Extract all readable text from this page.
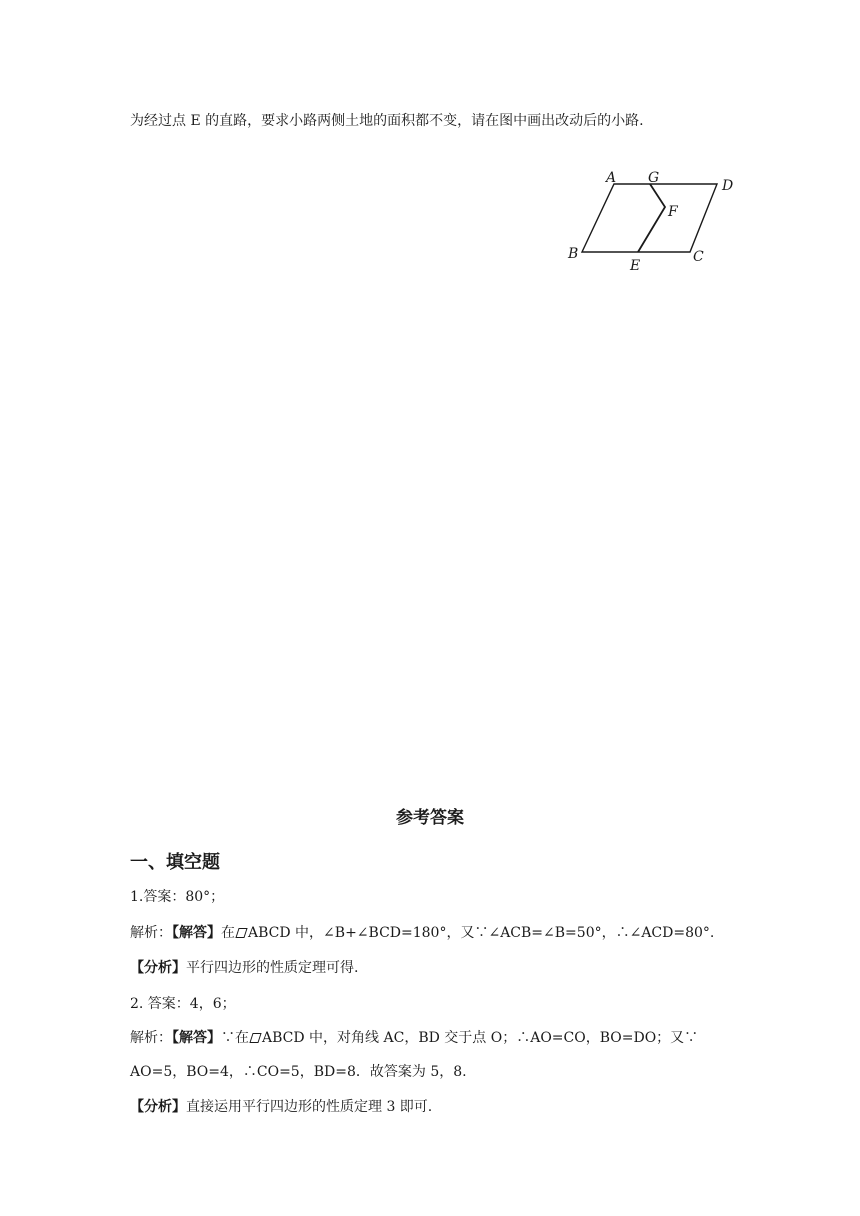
为经过点 E 的直路，要求小路两侧土地的面积都不变，请在图中画出改动后的小路.
A G	D
F
B
E
C
参考答案
一、填空题
1.答案：80°；
解析：【解答】在 ABCD 中，∠B+∠BCD=180°，又∵∠ACB=∠B=50°，∴∠ACD=80°.
【分析】平行四边形的性质定理可得.
2. 答案：4，6；
解析：【解答】∵在 ABCD 中，对角线 AC，BD 交于点 O；∴AO=CO，BO=DO；又∵
AO=5，BO=4，∴CO=5，BD=8．故答案为 5，8.
【分析】直接运用平行四边形的性质定理 3 即可.
